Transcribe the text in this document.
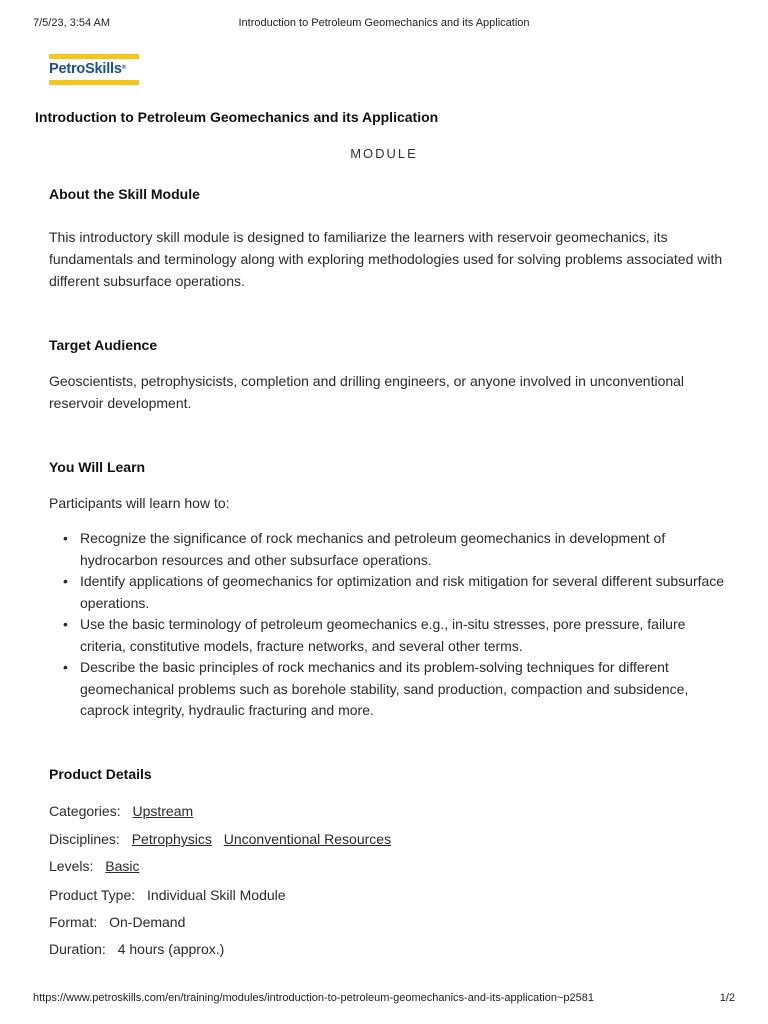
7/5/23, 3:54 AM	Introduction to Petroleum Geomechanics and its Application
PetroSkills®
Introduction to Petroleum Geomechanics and its Application
MODULE
About the Skill Module

This introductory skill module is designed to familiarize the learners with reservoir geomechanics, its fundamentals and terminology along with exploring methodologies used for solving problems associated with different subsurface operations.

Target Audience

Geoscientists, petrophysicists, completion and drilling engineers, or anyone involved in unconventional reservoir development.

You Will Learn

Participants will learn how to:

• Recognize the significance of rock mechanics and petroleum geomechanics in development of hydrocarbon resources and other subsurface operations.
• Identify applications of geomechanics for optimization and risk mitigation for several different subsurface operations.
• Use the basic terminology of petroleum geomechanics e.g., in-situ stresses, pore pressure, failure criteria, constitutive models, fracture networks, and several other terms.
• Describe the basic principles of rock mechanics and its problem-solving techniques for different geomechanical problems such as borehole stability, sand production, compaction and subsidence, caprock integrity, hydraulic fracturing and more.
Product Details
Categories: Upstream
Disciplines: Petrophysics Unconventional Resources
Levels: Basic
Product Type: Individual Skill Module
Format: On-Demand
Duration: 4 hours (approx.)
https://www.petroskills.com/en/training/modules/introduction-to-petroleum-geomechanics-and-its-application~p2581	1/2
